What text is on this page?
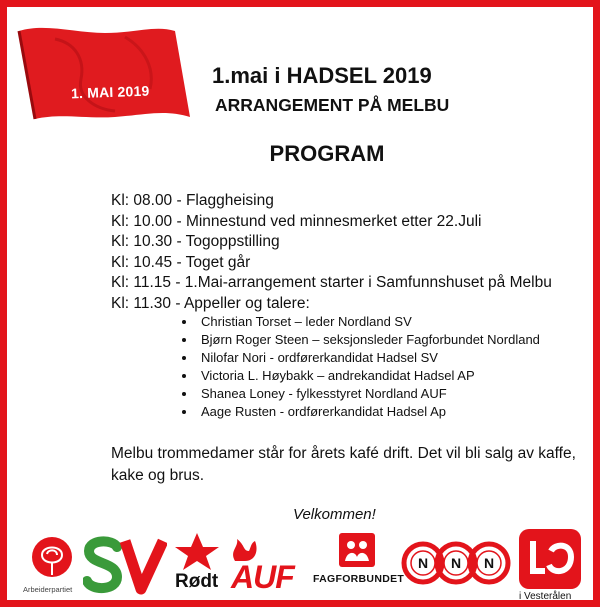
1. MAI 2019
1.mai i HADSEL 2019
ARRANGEMENT PÅ MELBU
PROGRAM
Kl: 08.00 - Flaggheising
Kl: 10.00 - Minnestund ved minnesmerket etter 22.Juli
Kl: 10.30 - Togoppstilling
Kl: 10.45 - Toget går
Kl: 11.15 - 1.Mai-arrangement starter i Samfunnshuset på Melbu
Kl: 11.30 - Appeller og talere:
Christian Torset – leder Nordland SV
Bjørn Roger Steen – seksjonsleder Fagforbundet Nordland
Nilofar Nori - ordførerkandidat Hadsel SV
Victoria L. Høybakk – andrekandidat Hadsel AP
Shanea Loney - fylkesstyret Nordland AUF
Aage Rusten - ordførerkandidat Hadsel Ap
Melbu trommedamer står for årets kafé drift. Det vil bli salg av kaffe, kake og brus.
Velkommen!
Arbeiderpartiet	Rødt AUF FAGFORBUNDET
N N N
i Vesterålen
